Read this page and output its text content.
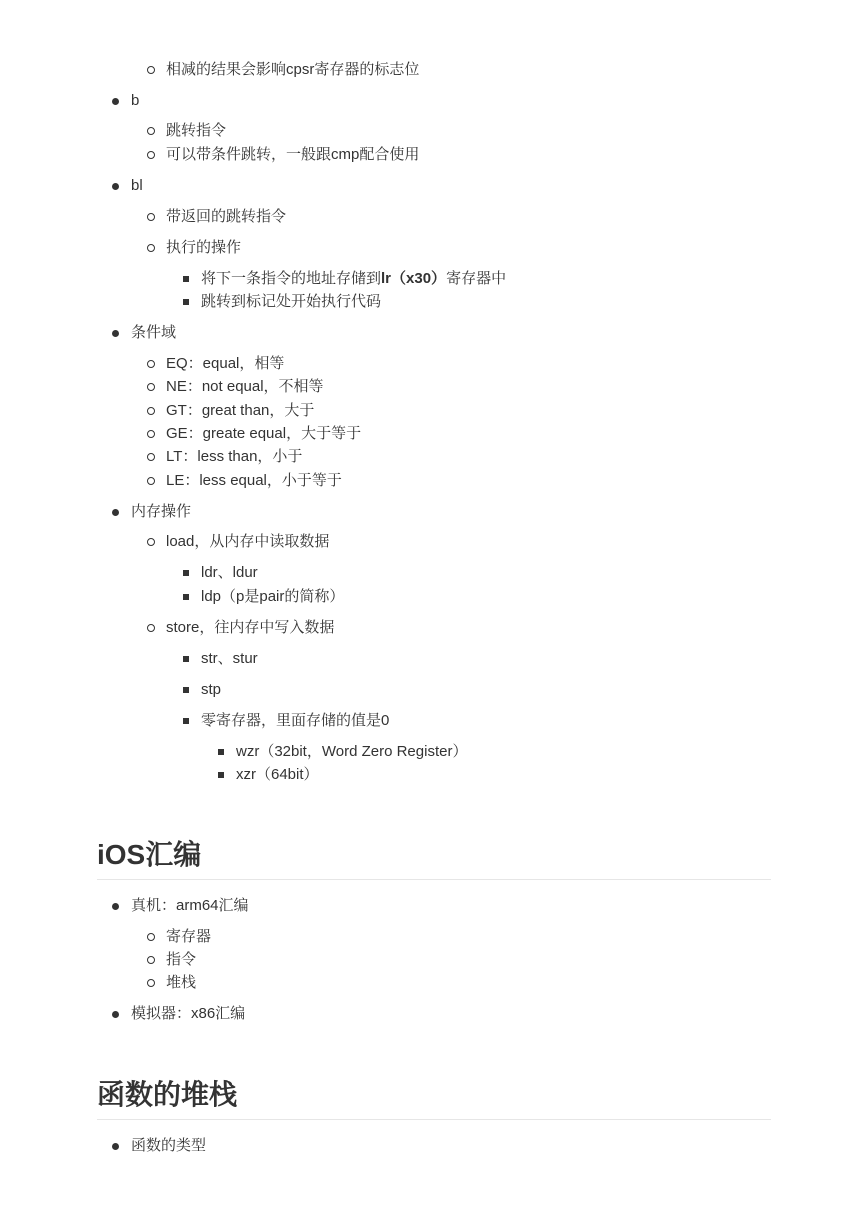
相减的结果会影响cpsr寄存器的标志位
b
跳转指令
可以带条件跳转，一般跟cmp配合使用
bl
带返回的跳转指令
执行的操作
将下一条指令的地址存储到lr（x30）寄存器中
跳转到标记处开始执行代码
条件域
EQ：equal，相等
NE：not equal，不相等
GT：great than，大于
GE：greate equal，大于等于
LT：less than，小于
LE：less equal，小于等于
内存操作
load，从内存中读取数据
ldr、ldur
ldp（p是pair的简称）
store，往内存中写入数据
str、stur
stp
零寄存器，里面存储的值是0
wzr（32bit，Word Zero Register）
xzr（64bit）
真机：arm64汇编
寄存器
指令
堆栈
模拟器：x86汇编
函数的类型
iOS汇编
函数的堆栈
